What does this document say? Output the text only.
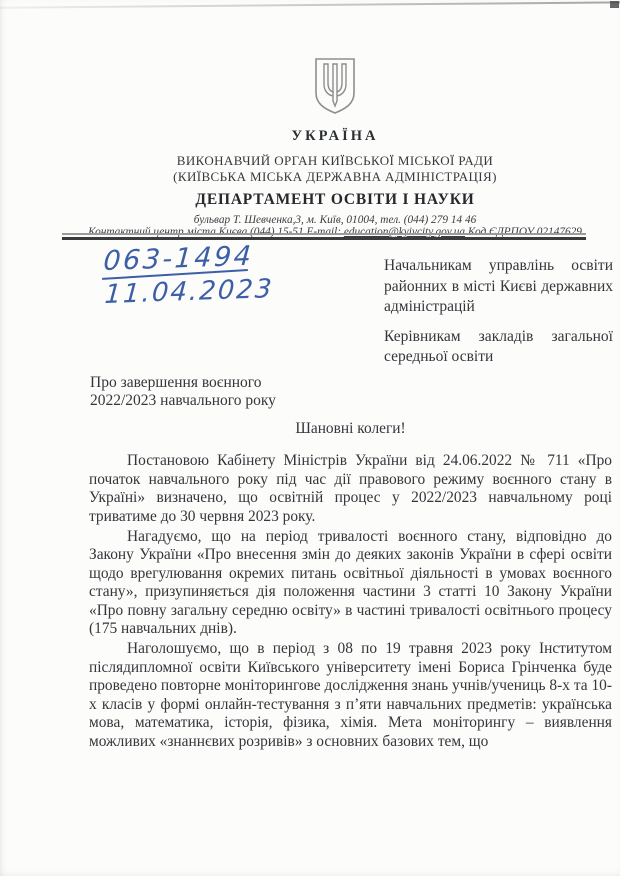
УКРАЇНА
ВИКОНАВЧИЙ ОРГАН КИЇВСЬКОЇ МІСЬКОЇ РАДИ
(КИЇВСЬКА МІСЬКА ДЕРЖАВНА АДМІНІСТРАЦІЯ)
ДЕПАРТАМЕНТ ОСВІТИ І НАУКИ
бульвар Т. Шевченка,3, м. Київ, 01004, тел. (044) 279 14 46
Контактний центр міста Києва (044) 15-51 E-mail: education@kyivcity.gov.ua Код ЄДРПОУ 02147629
063-1494
11.04.2023

Начальникам управлінь освіти районних в місті Києві державних адміністрацій

Керівникам закладів загальної середньої освіти

Про завершення воєнного 2022/2023 навчального року

Шановні колеги!

Постановою Кабінету Міністрів України від 24.06.2022 № 711 «Про початок навчального року під час дії правового режиму воєнного стану в Україні» визначено, що освітній процес у 2022/2023 навчальному році триватиме до 30 червня 2023 року.

Нагадуємо, що на період тривалості воєнного стану, відповідно до Закону України «Про внесення змін до деяких законів України в сфері освіти щодо врегулювання окремих питань освітньої діяльності в умовах воєнного стану», призупиняється дія положення частини 3 статті 10 Закону України «Про повну загальну середню освіту» в частині тривалості освітнього процесу (175 навчальних днів).

Наголошуємо, що в період з 08 по 19 травня 2023 року Інститутом післядипломної освіти Київського університету імені Бориса Грінченка буде проведено повторне моніторингове дослідження знань учнів/учениць 8-х та 10-х класів у формі онлайн-тестування з п’яти навчальних предметів: українська мова, математика, історія, фізика, хімія. Мета моніторингу – виявлення можливих «знаннєвих розривів» з основних базових тем, що
